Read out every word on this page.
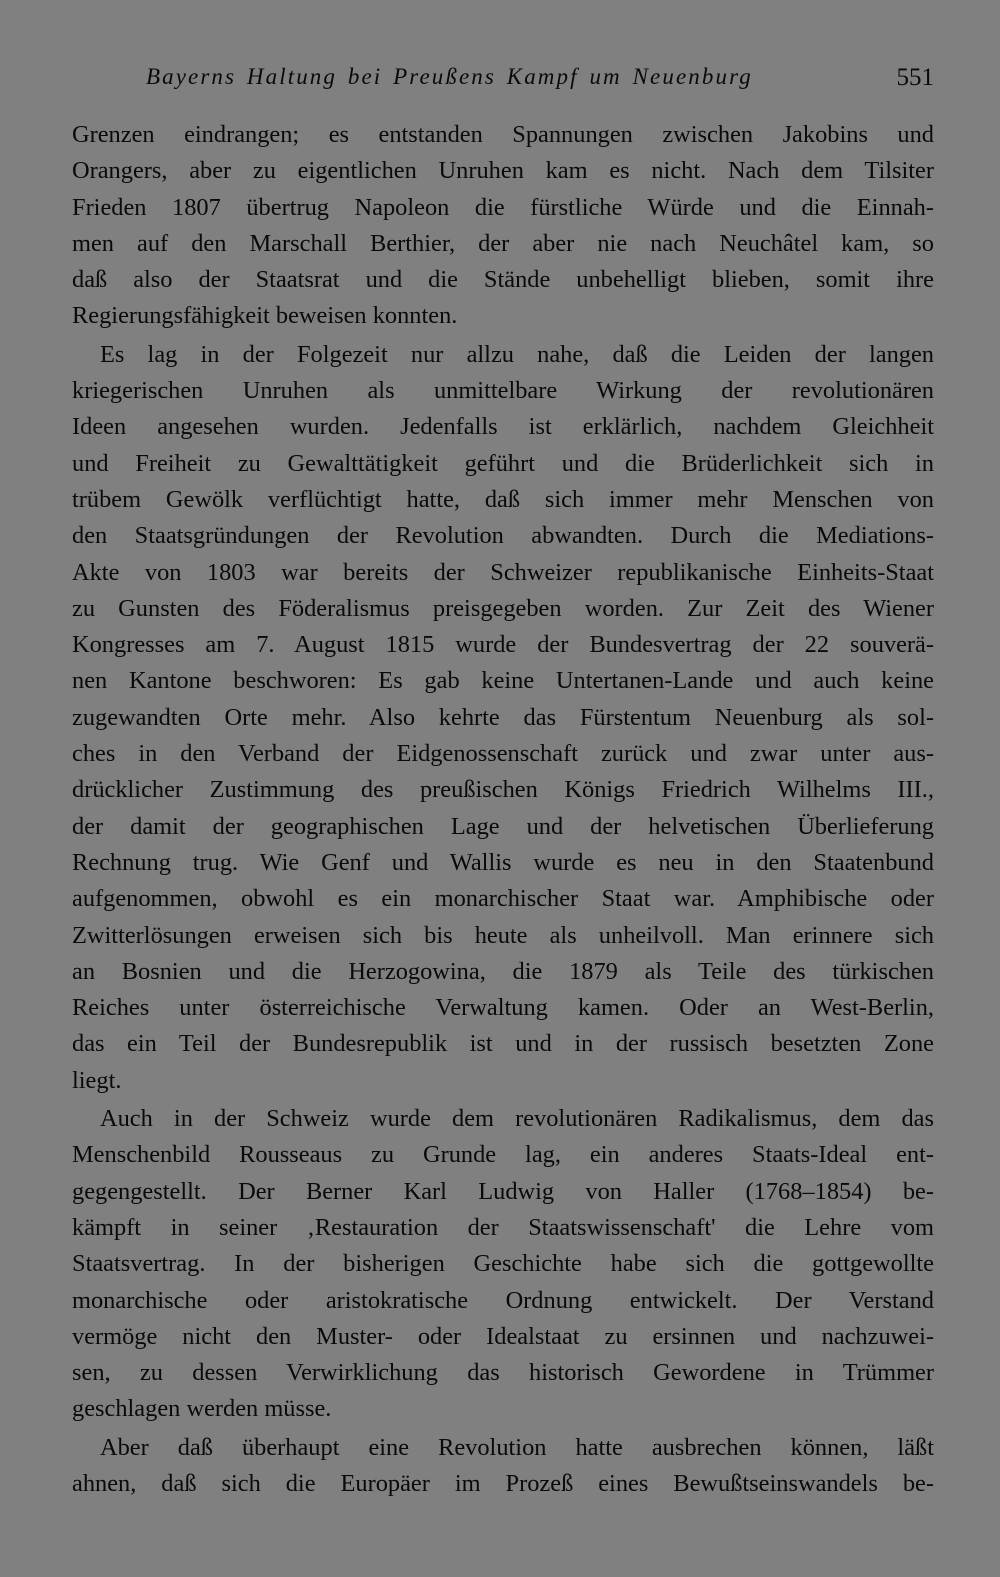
Bayerns Haltung bei Preußens Kampf um Neuenburg	551
Grenzen eindrangen; es entstanden Spannungen zwischen Jakobins und
Orangers, aber zu eigentlichen Unruhen kam es nicht. Nach dem Tilsiter
Frieden 1807 übertrug Napoleon die fürstliche Würde und die Einnah-
men auf den Marschall Berthier, der aber nie nach Neuchâtel kam, so
daß also der Staatsrat und die Stände unbehelligt blieben, somit ihre
Regierungsfähigkeit beweisen konnten.
Es lag in der Folgezeit nur allzu nahe, daß die Leiden der langen
kriegerischen Unruhen als unmittelbare Wirkung der revolutionären
Ideen angesehen wurden. Jedenfalls ist erklärlich, nachdem Gleichheit
und Freiheit zu Gewalttätigkeit geführt und die Brüderlichkeit sich in
trübem Gewölk verflüchtigt hatte, daß sich immer mehr Menschen von
den Staatsgründungen der Revolution abwandten. Durch die Mediations-
Akte von 1803 war bereits der Schweizer republikanische Einheits-Staat
zu Gunsten des Föderalismus preisgegeben worden. Zur Zeit des Wiener
Kongresses am 7. August 1815 wurde der Bundesvertrag der 22 souverä-
nen Kantone beschworen: Es gab keine Untertanen-Lande und auch keine
zugewandten Orte mehr. Also kehrte das Fürstentum Neuenburg als sol-
ches in den Verband der Eidgenossenschaft zurück und zwar unter aus-
drücklicher Zustimmung des preußischen Königs Friedrich Wilhelms III.,
der damit der geographischen Lage und der helvetischen Überlieferung
Rechnung trug. Wie Genf und Wallis wurde es neu in den Staatenbund
aufgenommen, obwohl es ein monarchischer Staat war. Amphibische oder
Zwitterlösungen erweisen sich bis heute als unheilvoll. Man erinnere sich
an Bosnien und die Herzogowina, die 1879 als Teile des türkischen
Reiches unter österreichische Verwaltung kamen. Oder an West-Berlin,
das ein Teil der Bundesrepublik ist und in der russisch besetzten Zone
liegt.
Auch in der Schweiz wurde dem revolutionären Radikalismus, dem das
Menschenbild Rousseaus zu Grunde lag, ein anderes Staats-Ideal ent-
gegengestellt. Der Berner Karl Ludwig von Haller (1768–1854) be-
kämpft in seiner ‚Restauration der Staatswissenschaft' die Lehre vom
Staatsvertrag. In der bisherigen Geschichte habe sich die gottgewollte
monarchische oder aristokratische Ordnung entwickelt. Der Verstand
vermöge nicht den Muster- oder Idealstaat zu ersinnen und nachzuwei-
sen, zu dessen Verwirklichung das historisch Gewordene in Trümmer
geschlagen werden müsse.
Aber daß überhaupt eine Revolution hatte ausbrechen können, läßt
ahnen, daß sich die Europäer im Prozeß eines Bewußtseinswandels be-
